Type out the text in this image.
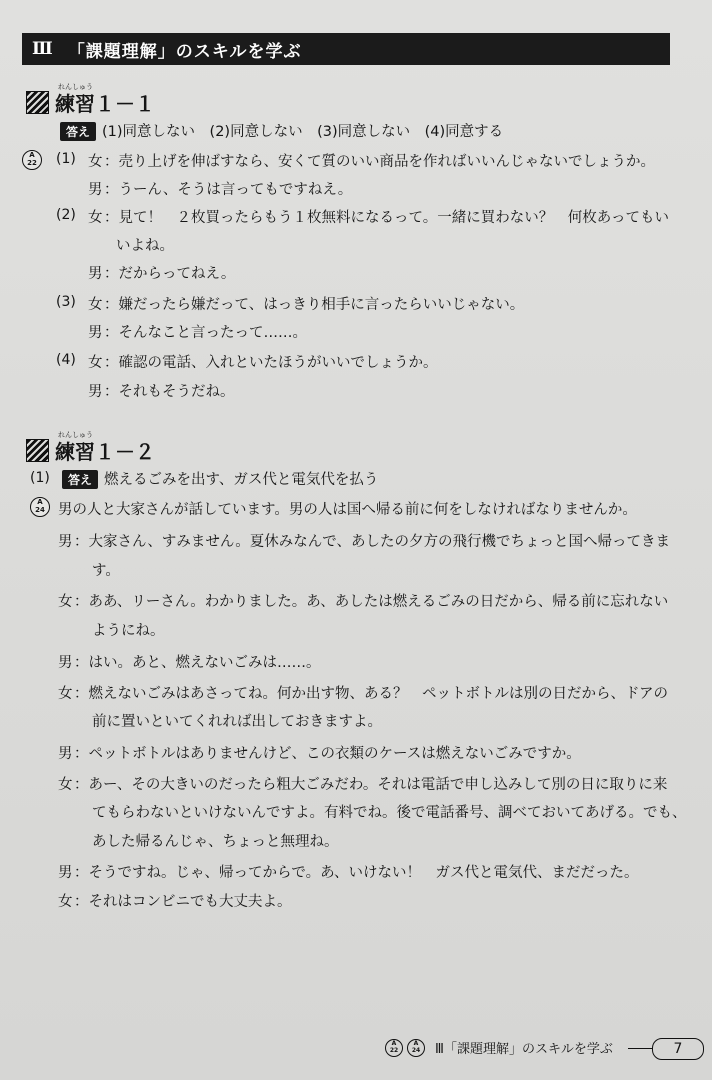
Ⅲ 「課題理解」のスキルを学ぶ
れんしゅう
練習１－１
答え (1)同意しない　(2)同意しない　(3)同意しない　(4)同意する
A
22	(1) 女 ：売り上げを伸ばすなら、安くて質のいい商品を作ればいいんじゃないでしょうか。
男 ：うーん、そうは言ってもですねえ。
(2) 女 ：見て！　２枚買ったらもう１枚無料になるって。一緒に買わない？　何枚あってもい
いよね。
男 ：だからってねえ。
(3) 女 ：嫌だったら嫌だって、はっきり相手に言ったらいいじゃない。
男 ：そんなこと言ったって……。
(4) 女 ：確認の電話、入れといたほうがいいでしょうか。
男 ：それもそうだね。
れんしゅう
練習１－２
(1)	答え 燃えるごみを出す、ガス代と電気代を払う
A
24 男の人と大家さんが話しています。男の人は国へ帰る前に何をしなければなりませんか。
男 ：大家さん、すみません。夏休みなんで、あしたの夕方の飛行機でちょっと国へ帰ってきま
す。
女 ：ああ、リーさん。わかりました。あ、あしたは燃えるごみの日だから、帰る前に忘れない
ようにね。
男 ：はい。あと、燃えないごみは……。
女 ：燃えないごみはあさってね。何か出す物、ある？　ペットボトルは別の日だから、ドアの
前に置いといてくれれば出しておきますよ。
男 ：ペットボトルはありませんけど、この衣類のケースは燃えないごみですか。
女 ：あー、その大きいのだったら粗大ごみだわ。それは電話で申し込みして別の日に取りに来
てもらわないといけないんですよ。有料でね。後で電話番号、調べておいてあげる。でも、
あした帰るんじゃ、ちょっと無理ね。
男 ：そうですね。じゃ、帰ってからで。あ、いけない！　ガス代と電気代、まだだった。
女 ：それはコンビニでも大丈夫よ。
A
22
A
24	Ⅲ「課題理解」のスキルを学ぶ	7
